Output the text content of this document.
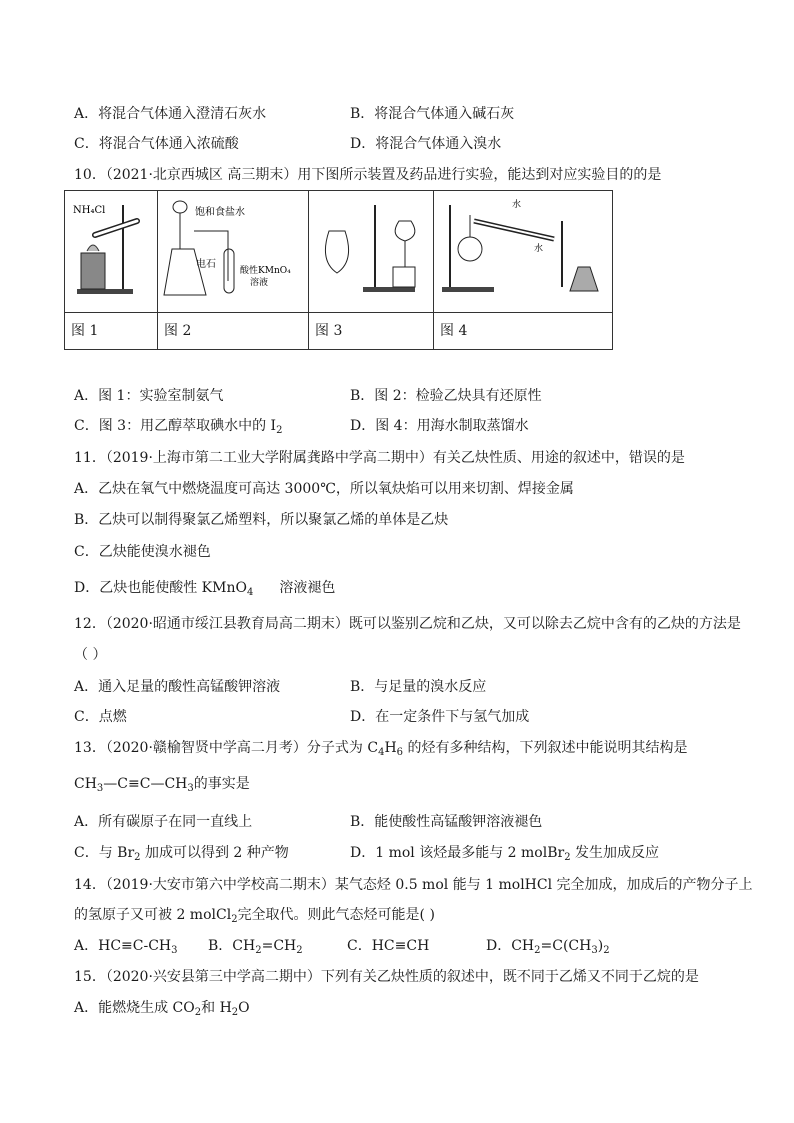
A．将混合气体通入澄清石灰水	B．将混合气体通入碱石灰
C．将混合气体通入浓硫酸	D．将混合气体通入溴水
10．（2021·北京西城区 高三期末）用下图所示装置及药品进行实验，能达到对应实验目的的是
NH₄Cl	饱和食盐水
电石
酸性KMnO₄
溶液		水
水

图 1	图 2	图 3	图 4
A．图 1：实验室制氨气	B．图 2：检验乙炔具有还原性
C．图 3：用乙醇萃取碘水中的 $I_2$	D．图 4：用海水制取蒸馏水
11．（2019·上海市第二工业大学附属龚路中学高二期中）有关乙炔性质、用途的叙述中，错误的是
A．乙炔在氧气中燃烧温度可高达 3000℃，所以氧炔焰可以用来切割、焊接金属
B．乙炔可以制得聚氯乙烯塑料，所以聚氯乙烯的单体是乙炔
C．乙炔能使溴水褪色
D．乙炔也能使酸性 KMnO$_4$ 溶液褪色
12．（2020·昭通市绥江县教育局高二期末）既可以鉴别乙烷和乙炔，又可以除去乙烷中含有的乙炔的方法是
（ ）
A．通入足量的酸性高锰酸钾溶液	B．与足量的溴水反应
C．点燃	D．在一定条件下与氢气加成
13．（2020·赣榆智贤中学高二月考）分子式为 $C_4H_6$ 的烃有多种结构，下列叙述中能说明其结构是
$CH_3—C\equiv C—CH_3$的事实是
A．所有碳原子在同一直线上	B．能使酸性高锰酸钾溶液褪色
C．与 $Br_2$ 加成可以得到 2 种产物	D．1 mol 该烃最多能与 2 molBr$_2$ 发生加成反应
14．（2019·大安市第六中学校高二期末）某气态烃 0.5 mol 能与 1 molHCl 完全加成，加成后的产物分子上
的氢原子又可被 2 molCl$_2$完全取代。则此气态烃可能是( )
A．$HC\equiv C-CH_3$ B．$CH_2=CH_2$	C．HC≡CH	D．$CH_2=C(CH_3)_2$
15．（2020·兴安县第三中学高二期中）下列有关乙炔性质的叙述中，既不同于乙烯又不同于乙烷的是
A．能燃烧生成 $CO_2$和 $H_2O$
